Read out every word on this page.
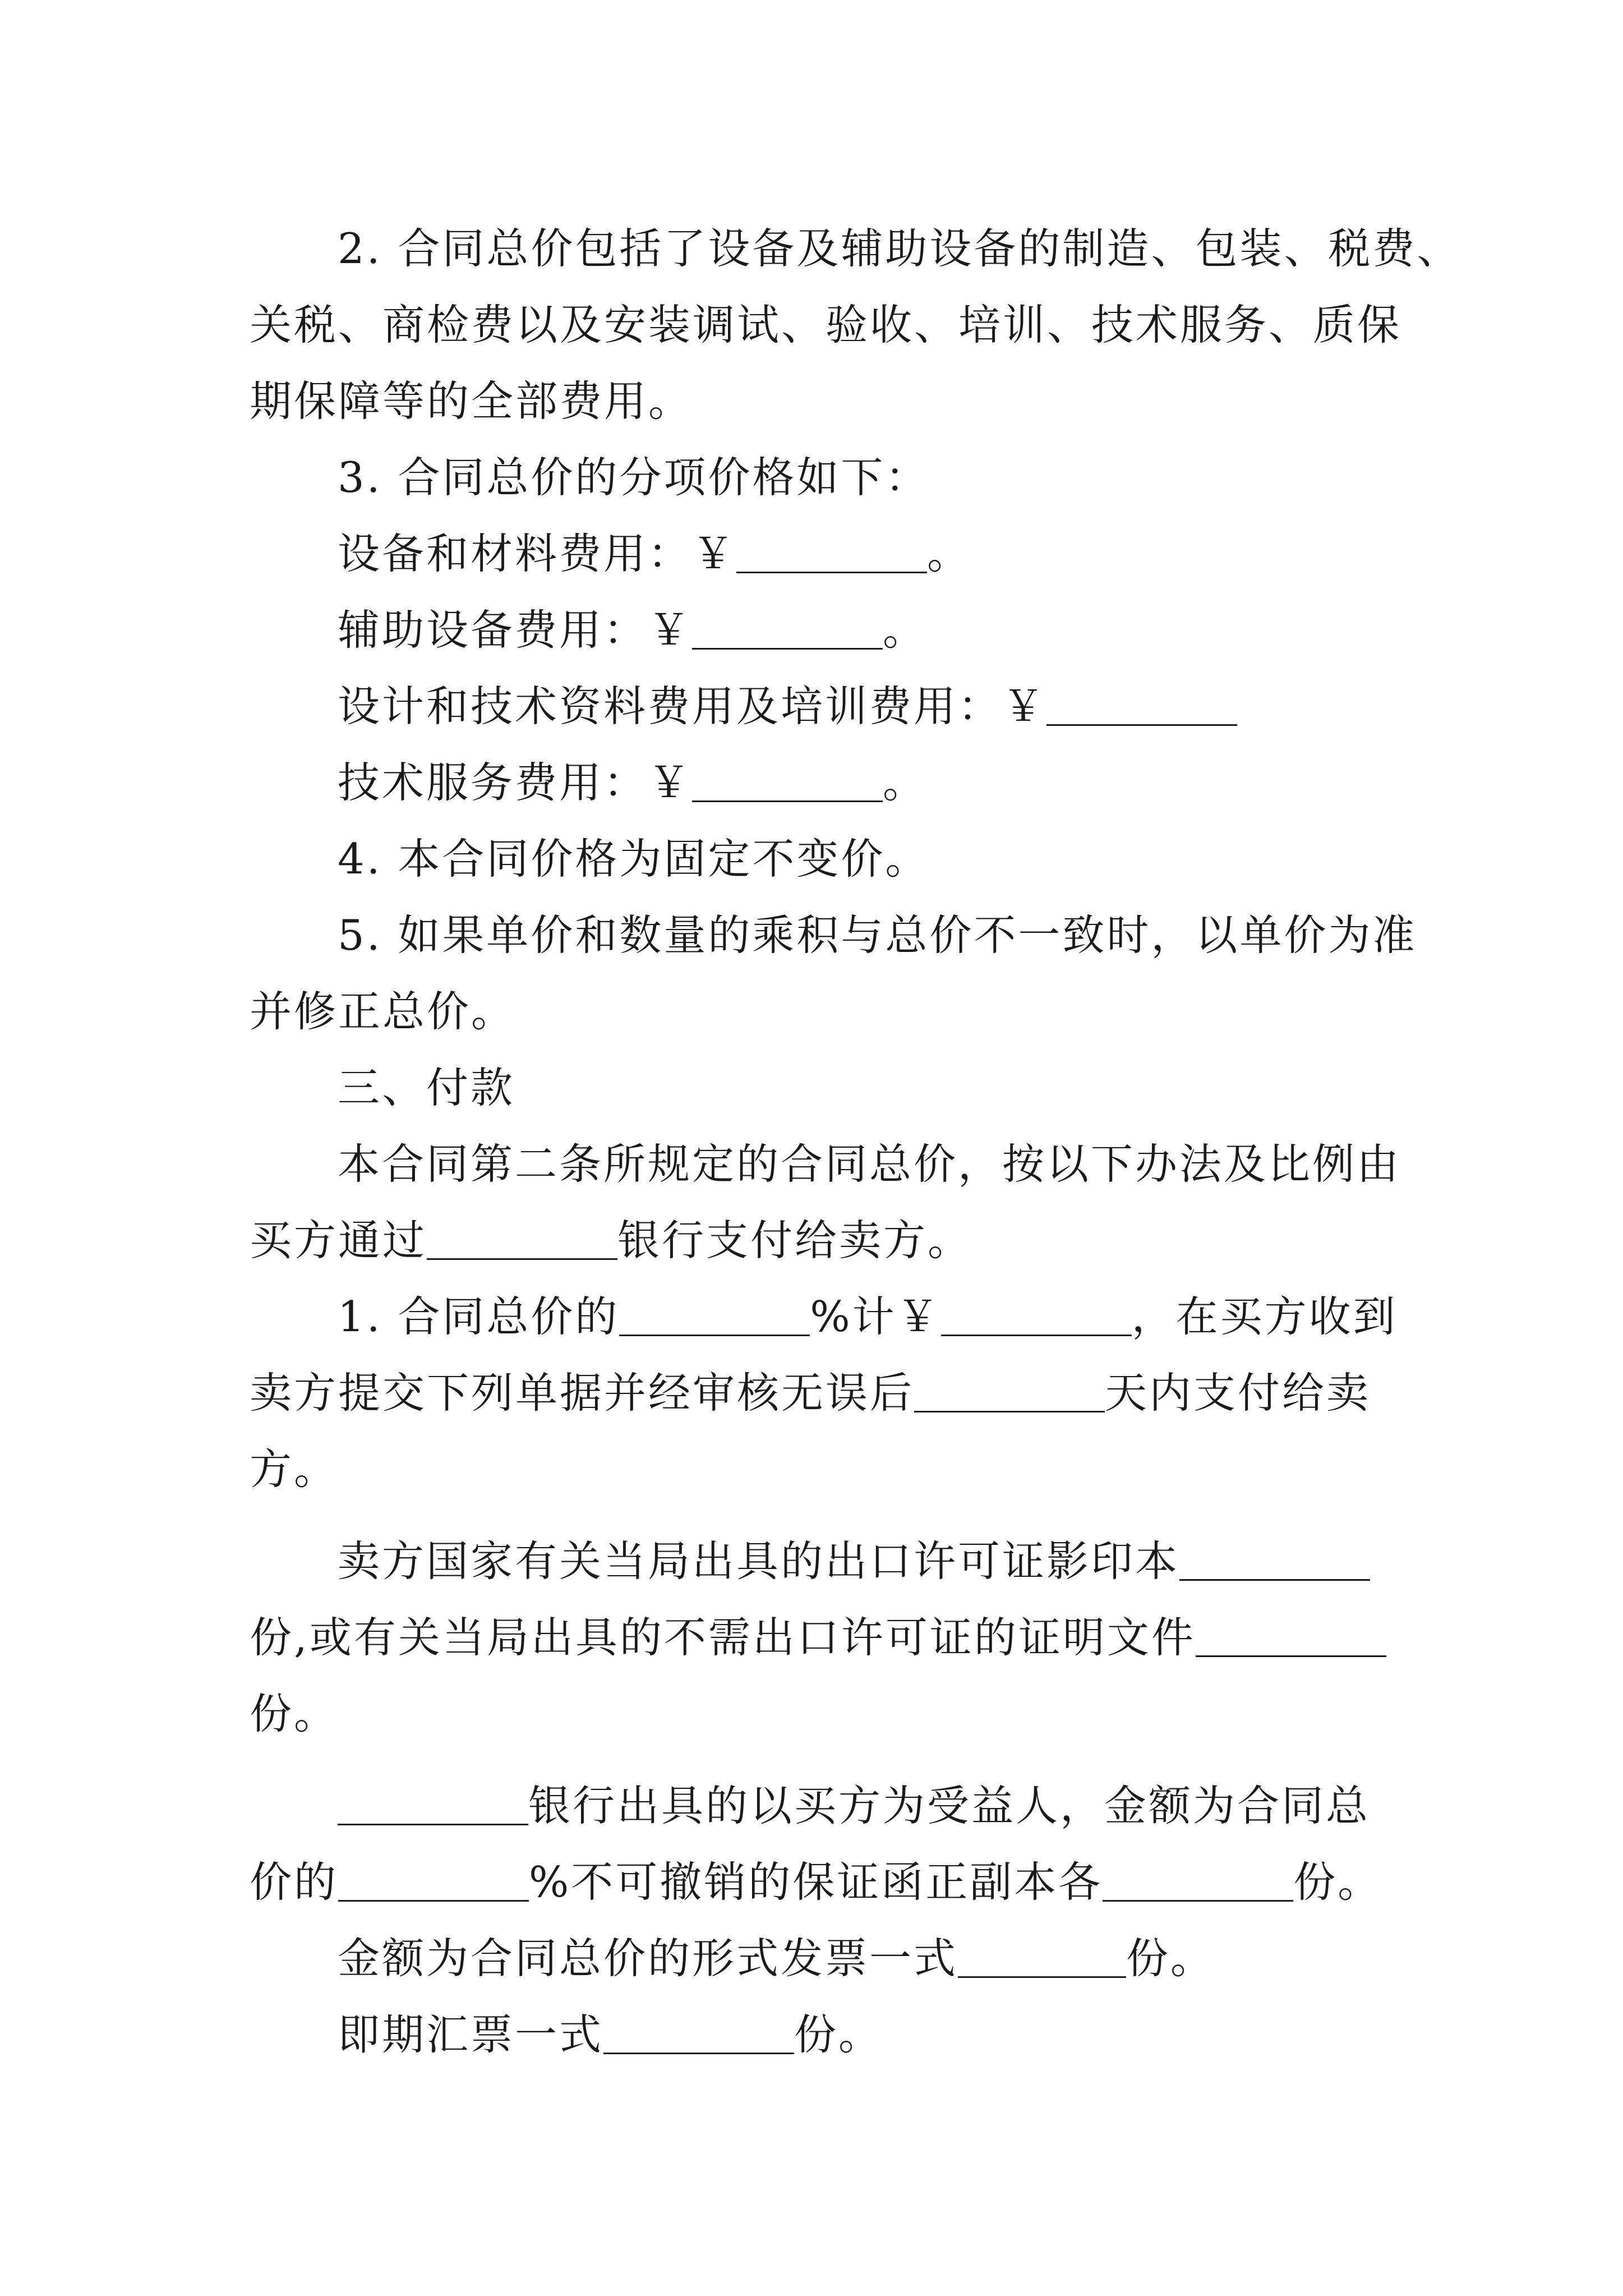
2. 合同总价包括了设备及辅助设备的制造、包装、税费、
关税、商检费以及安装调试、验收、培训、技术服务、质保
期保障等的全部费用。
3. 合同总价的分项价格如下：
设备和材料费用：￥	。
辅助设备费用：￥	。
设计和技术资料费用及培训费用：￥
技术服务费用：￥	。
4. 本合同价格为固定不变价。
5. 如果单价和数量的乘积与总价不一致时，以单价为准
并修正总价。
三、付款
本合同第二条所规定的合同总价，按以下办法及比例由
买方通过	银行支付给卖方。
1. 合同总价的	%计￥	，在买方收到
卖方提交下列单据并经审核无误后	天内支付给卖
方。
卖方国家有关当局出具的出口许可证影印本
份,或有关当局出具的不需出口许可证的证明文件
份。
银行出具的以买方为受益人，金额为合同总
价的	%不可撤销的保证函正副本各	份。
金额为合同总价的形式发票一式	份。
即期汇票一式	份。
